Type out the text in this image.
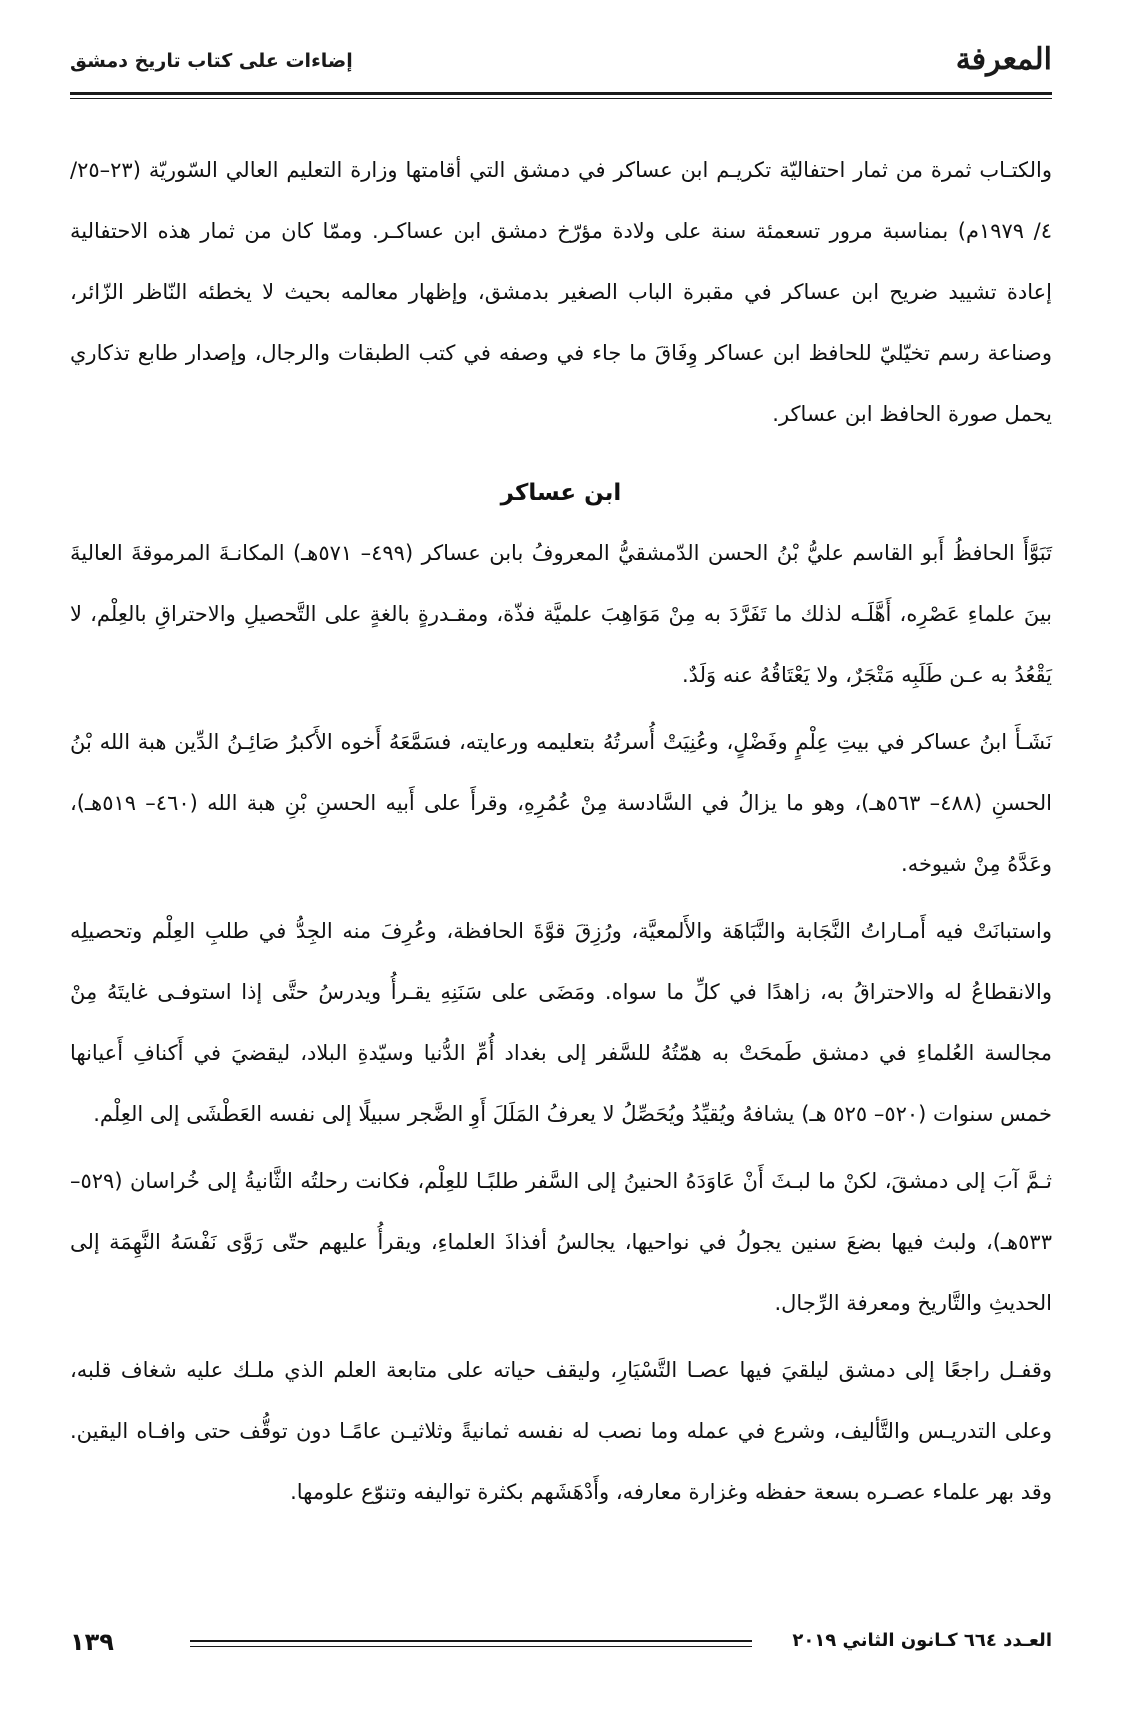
المعرفة
إضاءات على كتاب تاريخ دمشق

والكتـاب ثمرة من ثمار احتفاليّة تكريـم ابن عساكر في دمشق التي أقامتها وزارة التعليم العالي السّوريّة (٢٣–٢٥/ ٤/ ١٩٧٩م) بمناسبة مرور تسعمئة سنة على ولادة مؤرّخ دمشق ابن عساكـر. وممّا كان من ثمار هذه الاحتفالية إعادة تشييد ضريح ابن عساكر في مقبرة الباب الصغير بدمشق، وإظهار معالمه بحيث لا يخطئه النّاظر الزّائر، وصناعة رسم تخيّليّ للحافظ ابن عساكر وِفَاقَ ما جاء في وصفه في كتب الطبقات والرجال، وإصدار طابع تذكاري يحمل صورة الحافظ ابن عساكر.

ابن عساكر

تَبَوَّأَ الحافظُ أَبو القاسم عليُّ بْنُ الحسن الدّمشقيُّ المعروفُ بابن عساكر (٤٩٩– ٥٧١هـ) المكانـةَ المرموقةَ العاليةَ بينَ علماءِ عَصْرِه، أَهَّلَـه لذلك ما تَفَرَّدَ به مِنْ مَوَاهِبَ علميَّة فذّة، ومقـدرةٍ بالغةٍ على التَّحصيلِ والاحتراقِ بالعِلْم، لا يَقْعُدُ به عـن طَلَبِه مَتْجَرٌ، ولا يَعْتَاقُهُ عنه وَلَدٌ.

نَشَـأَ ابنُ عساكر في بيتِ عِلْمٍ وفَضْلٍ، وعُنِيَتْ أُسرتُهُ بتعليمه ورعايته، فسَمَّعَهُ أَخوه الأَكبرُ صَائِـنُ الدِّين هبة الله بْنُ الحسنِ (٤٨٨– ٥٦٣هـ)، وهو ما يزالُ في السَّادسة مِنْ عُمُرِهِ، وقرأَ على أَبيه الحسنِ بْنِ هبة الله (٤٦٠– ٥١٩هـ)، وعَدَّهُ مِنْ شيوخه.

واستبانَتْ فيه أَمـاراتُ النَّجَابة والنَّبَاهَة والأَلمعيَّة، ورُزِقَ قوَّةَ الحافظة، وعُرِفَ منه الجِدُّ في طلبِ العِلْم وتحصيلِه والانقطاعُ له والاحتراقُ به، زاهدًا في كلِّ ما سواه. ومَضَى على سَنَنِهِ يقـرأُ ويدرسُ حتَّى إذا استوفـى غايتَهُ مِنْ مجالسة العُلماءِ في دمشق طَمحَتْ به همّتُهُ للسَّفر إلى بغداد أُمِّ الدُّنيا وسيّدةِ البلاد، ليقضيَ في أَكنافِ أَعيانها خمس سنوات (٥٢٠– ٥٢٥ هـ) يشافهُ ويُقيِّدُ ويُحَصِّلُ لا يعرفُ المَلَلَ أَوِ الضَّجر سبيلًا إلى نفسه العَطْشَى إلى العِلْم.

ثـمَّ آبَ إلى دمشقَ، لكنْ ما لبـثَ أَنْ عَاوَدَهُ الحنينُ إلى السَّفر طلبًـا للعِلْم، فكانت رحلتُه الثَّانيةُ إلى خُراسان (٥٢٩– ٥٣٣هـ)، ولبث فيها بضعَ سنين يجولُ في نواحيها، يجالسُ أفذاذَ العلماءِ، ويقرأُ عليهم حتّى رَوَّى نَفْسَهُ النَّهِمَة إلى الحديثِ والتَّاريخ ومعرفة الرِّجال.

وقفـل راجعًا إلى دمشق ليلقيَ فيها عصـا التَّسْيَارِ، وليقف حياته على متابعة العلم الذي ملـك عليه شغاف قلبه، وعلى التدريـس والتَّأليف، وشرع في عمله وما نصب له نفسه ثمانيةً وثلاثيـن عامًـا دون توقُّف حتى وافـاه اليقين. وقد بهر علماء عصـره بسعة حفظه وغزارة معارفه، وأَدْهَشَهم بكثرة تواليفه وتنوّع علومها.

١٣٩	العـدد ٦٦٤ كـانون الثاني ٢٠١٩
